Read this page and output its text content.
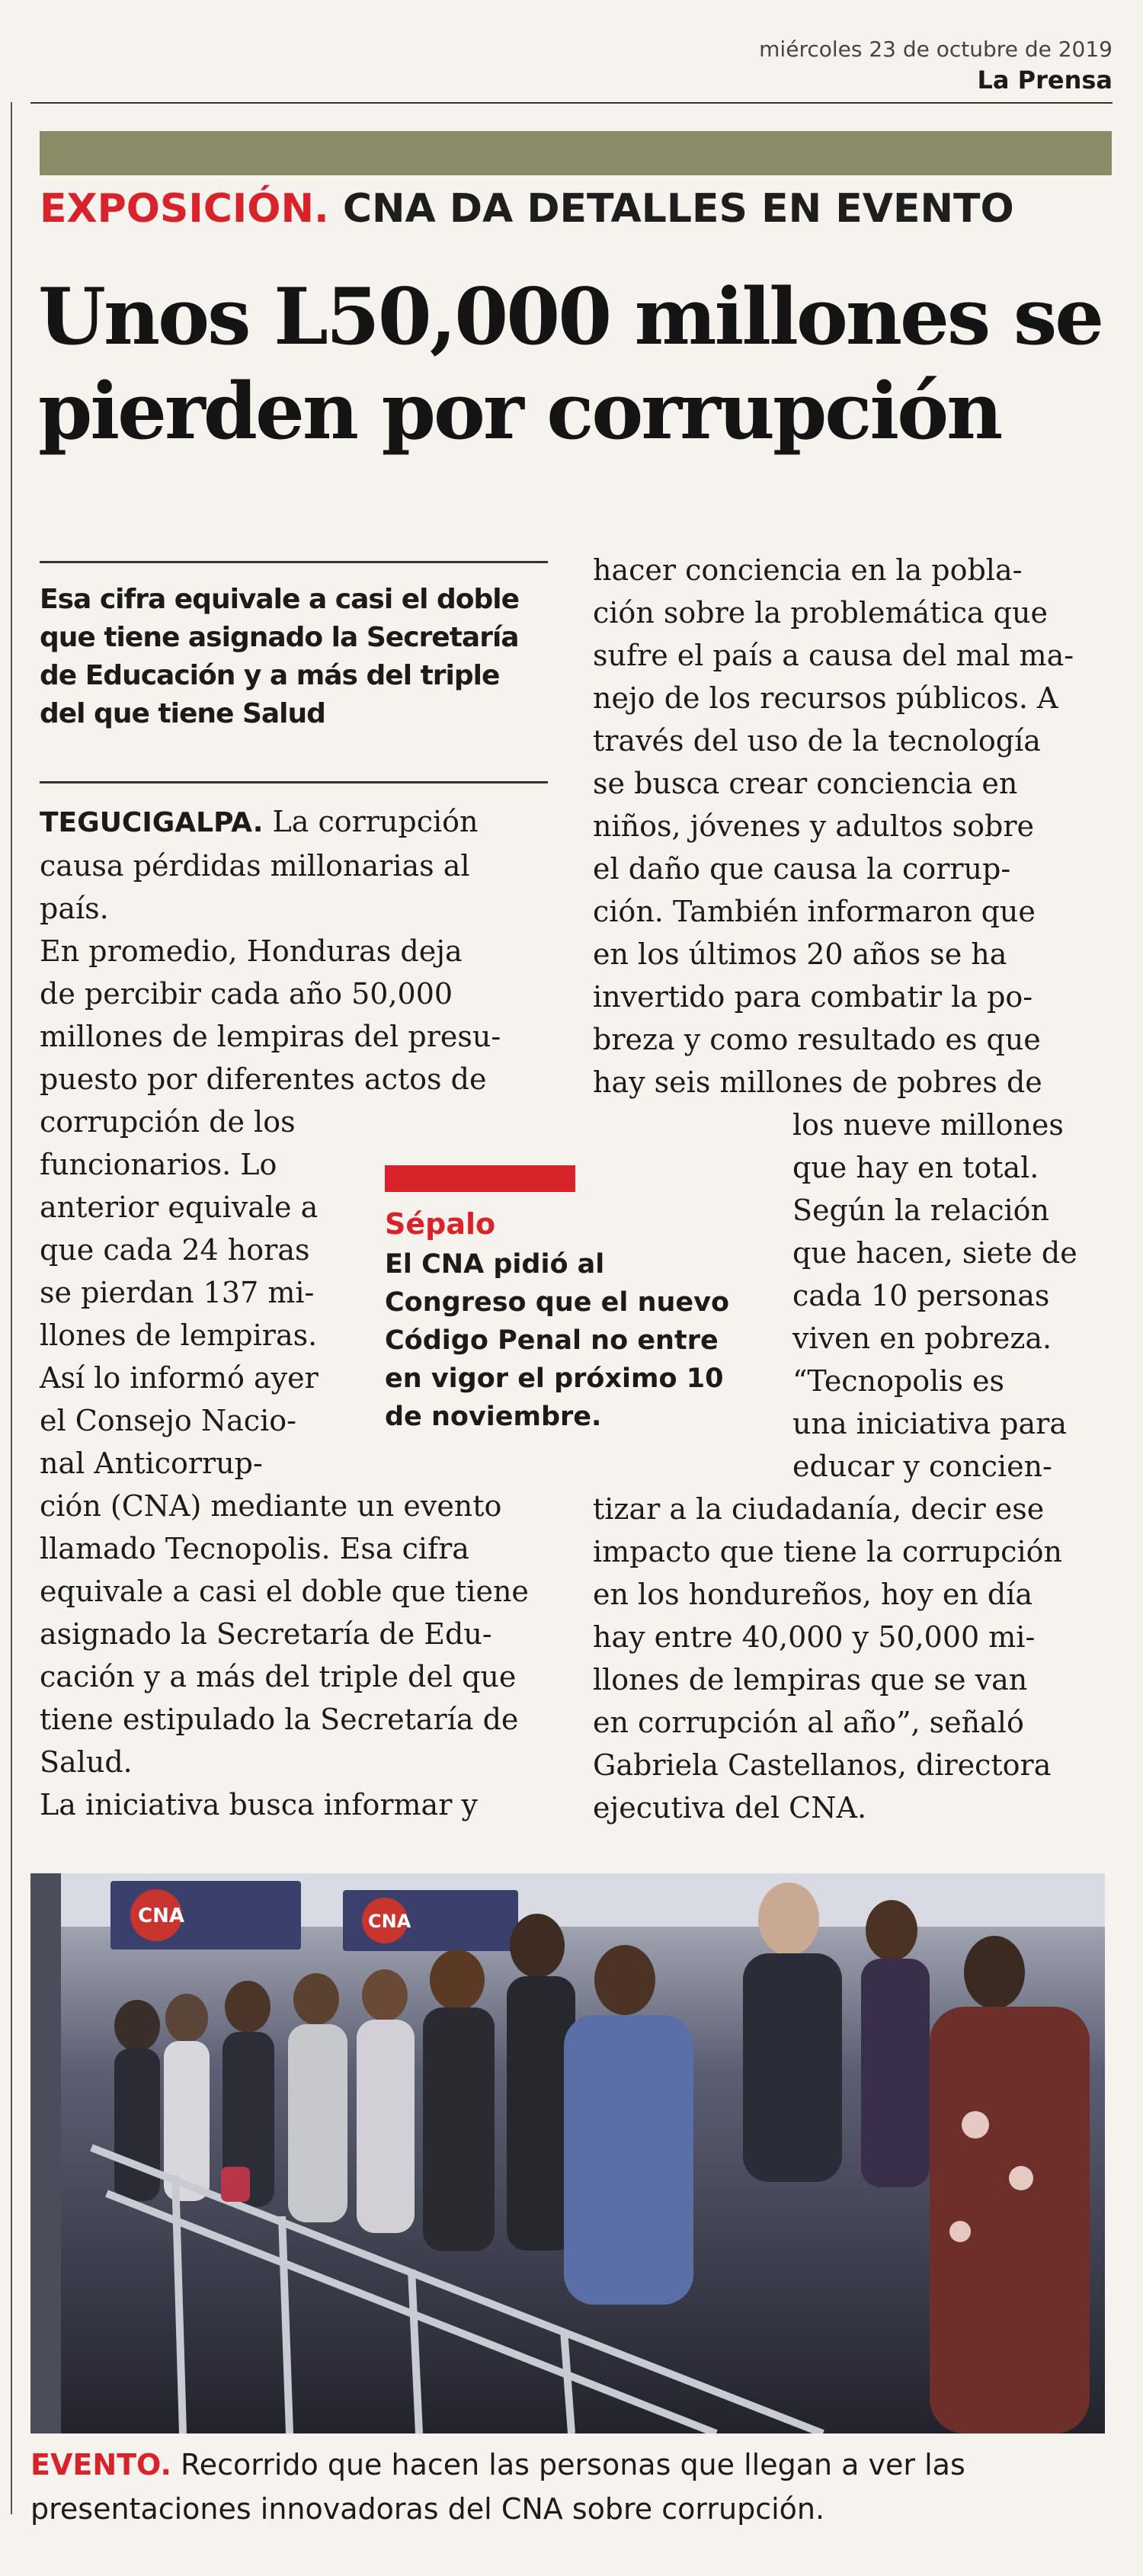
miércoles 23 de octubre de 2019
La Prensa
EXPOSICIÓN. CNA DA DETALLES EN EVENTO
Unos L50,000 millones se
pierden por corrupción
Esa cifra equivale a casi el doble
que tiene asignado la Secretaría
de Educación y a más del triple
del que tiene Salud
TEGUCIGALPA. La corrupción
causa pérdidas millonarias al
país.
En promedio, Honduras deja
de percibir cada año 50,000
millones de lempiras del presu-
puesto por diferentes actos de
corrupción de los
funcionarios. Lo
anterior equivale a
que cada 24 horas
se pierdan 137 mi-
llones de lempiras.
Así lo informó ayer
el Consejo Nacio-
nal Anticorrup-
ción (CNA) mediante un evento
llamado Tecnopolis. Esa cifra
equivale a casi el doble que tiene
asignado la Secretaría de Edu-
cación y a más del triple del que
tiene estipulado la Secretaría de
Salud.
La iniciativa busca informar y
hacer conciencia en la pobla-
ción sobre la problemática que
sufre el país a causa del mal ma-
nejo de los recursos públicos. A
través del uso de la tecnología
se busca crear conciencia en
niños, jóvenes y adultos sobre
el daño que causa la corrup-
ción. También informaron que
en los últimos 20 años se ha
invertido para combatir la po-
breza y como resultado es que
hay seis millones de pobres de
los nueve millones
que hay en total.
Según la relación
que hacen, siete de
cada 10 personas
viven en pobreza.
“Tecnopolis es
una iniciativa para
educar y concien-
tizar a la ciudadanía, decir ese
impacto que tiene la corrupción
en los hondureños, hoy en día
hay entre 40,000 y 50,000 mi-
llones de lempiras que se van
en corrupción al año”, señaló
Gabriela Castellanos, directora
ejecutiva del CNA.
Sépalo
El CNA pidió al
Congreso que el nuevo
Código Penal no entre
en vigor el próximo 10
de noviembre.
CNA	CNA
EVENTO. Recorrido que hacen las personas que llegan a ver las
presentaciones innovadoras del CNA sobre corrupción.
